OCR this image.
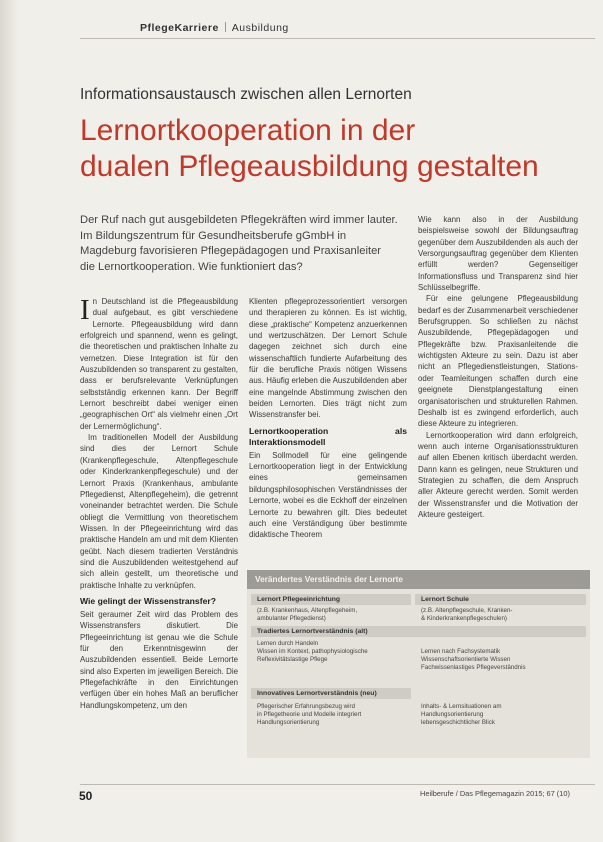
PflegeKarriere Ausbildung
Informationsaustausch zwischen allen Lernorten
Lernortkooperation in der
dualen Pflegeausbildung gestalten
Der Ruf nach gut ausgebildeten Pflegekräften wird immer lauter. Im Bildungszentrum für Gesundheitsberufe gGmbH in Magdeburg favorisieren Pflegepädagogen und Praxisanleiter die Lernortkooperation. Wie funktioniert das?

In Deutschland ist die Pflegeausbildung dual aufgebaut, es gibt verschiedene Lernorte. Pflegeausbildung wird dann erfolgreich und spannend, wenn es gelingt, die theoretischen und praktischen Inhalte zu vernetzen. Diese Integration ist für den Auszubildenden so transparent zu gestalten, dass er berufsrelevante Verknüpfungen selbstständig erkennen kann. Der Begriff Lernort beschreibt dabei weniger einen „geographischen Ort“ als vielmehr einen „Ort der Lernermöglichung“.

Im traditionellen Modell der Ausbildung sind dies der Lernort Schule (Krankenpflegeschule, Altenpflegeschule oder Kinderkrankenpflegeschule) und der Lernort Praxis (Krankenhaus, ambulante Pflegedienst, Altenpflegeheim), die getrennt voneinander betrachtet werden. Die Schule obliegt die Vermittlung von theoretischem Wissen. In der Pflegeeinrichtung wird das praktische Handeln am und mit dem Klienten geübt. Nach diesem tradierten Verständnis sind die Auszubildenden weitestgehend auf sich allein gestellt, um theoretische und praktische Inhalte zu verknüpfen.

Wie gelingt der Wissenstransfer?

Seit geraumer Zeit wird das Problem des Wissenstransfers diskutiert. Die Pflegeeinrichtung ist genau wie die Schule für den Erkenntnisgewinn der Auszubildenden essentiell. Beide Lernorte sind also Experten im jeweiligen Bereich. Die Pflegefachkräfte in den Einrichtungen verfügen über ein hohes Maß an beruflicher Handlungskompetenz, um den

Klienten pflegeprozessorientiert versorgen und therapieren zu können. Es ist wichtig, diese „praktische“ Kompetenz anzuerkennen und wertzuschätzen. Der Lernort Schule dagegen zeichnet sich durch eine wissenschaftlich fundierte Aufarbeitung des für die berufliche Praxis nötigen Wissens aus. Häufig erleben die Auszubildenden aber eine mangelnde Abstimmung zwischen den beiden Lernorten. Dies trägt nicht zum Wissenstransfer bei.

Lernortkooperation als Interaktionsmodell

Ein Sollmodell für eine gelingende Lernortkooperation liegt in der Entwicklung eines gemeinsamen bildungsphilosophischen Verständnisses der Lernorte, wobei es die Eckhoff der einzelnen Lernorte zu bewahren gilt. Dies bedeutet auch eine Verständigung über bestimmte didaktische Theorem

Wie kann also in der Ausbildung beispielsweise sowohl der Bildungsauftrag gegenüber dem Auszubildenden als auch der Versorgungsauftrag gegenüber dem Klienten erfüllt werden? Gegenseitiger Informationsfluss und Transparenz sind hier Schlüsselbegriffe.

Für eine gelungene Pflegeausbildung bedarf es der Zusammenarbeit verschiedener Berufsgruppen. So schließen zu nächst Auszubildende, Pflegepädagogen und Pflegekräfte bzw. Praxisanleitende die wichtigsten Akteure zu sein. Dazu ist aber nicht an Pflegedienstleistungen, Stations- oder Teamleitungen schaffen durch eine geeignete Dienstplangestaltung einen organisatorischen und strukturellen Rahmen. Deshalb ist es zwingend erforderlich, auch diese Akteure zu integrieren.

Lernortkooperation wird dann erfolgreich, wenn auch interne Organisationsstrukturen auf allen Ebenen kritisch überdacht werden. Dann kann es gelingen, neue Strukturen und Strategien zu schaffen, die dem Anspruch aller Akteure gerecht werden. Somit werden der Wissenstransfer und die Motivation der Akteure gesteigert.

Verändertes Verständnis der Lernorte
Lernort Pflegeeinrichtung	Lernort Schule
(z.B. Krankenhaus, Altenpflegeheim,
ambulanter Pflegedienst)
(z.B. Altenpflegeschule, Kranken-
& Kinderkrankenpflegeschulen)
Tradiertes Lernortverständnis (alt)
Lernen durch Handeln
Wissen im Kontext, pathophysiologische
Reflexivitätslastige Pflege
Lernen nach Fachsystematik
Wissenschaftsorientierte Wissen
Fachwissenlastiges Pflegeverständnis
Innovatives Lernortverständnis (neu)
Pflegerischer Erfahrungsbezug wird
in Pflegetheorie und Modelle integriert
Handlungsorientierung
Inhalts- & Lernsituationen am
Handlungsorientierung
lebensgeschichtlicher Blick
50	Heilberufe / Das Pflegemagazin 2015; 67 (10)
